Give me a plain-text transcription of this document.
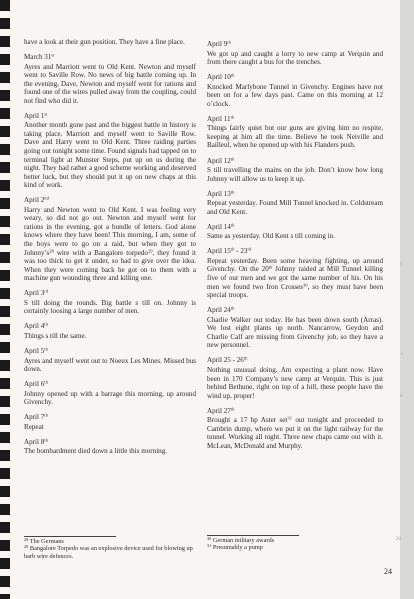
have a look at their gun position. They have a fine place.
March 31st
Ayres and Marriott went to Old Kent. Newton and myself went to Saville Row. No news of big battle coming up. In the evening, Dave, Newton and myself went for rations and found one of the wires pulled away from the coupling, could not find who did it.
April 1st
Another month gone past and the biggest battle in history is taking place. Marriott and myself went to Saville Row. Dave and Harry went to Old Kent. Three raiding parties going out tonight some time. Found signals had tapped on to terminal light at Munster Steps, put up on us during the night. They had rather a good scheme working and deserved better luck, but they should put it up on new chaps at this kind of work.
April 2nd
Harry and Newton went to Old Kent. I was feeling very weary, so did not go out. Newton and myself went for rations in the evening, got a bundle of letters. God alone knows where they have been! This morning, I am, some of the boys were to go on a raid, but when they got to $Johnny’s^{28}$ wire with a Bangalore torpedo$^{29}$, they found it was too thick to get it under, so had to give over the idea. When they were coming back he got on to them with a machine gun wounding three and killing one.
April 3rd
S till doing the rounds. Big battle s till on. Johnny is certainly loosing a large number of men.
April 4th
Things s till the same.
April 5th
Ayres and myself went out to Noeux Les Mines. Missed bus down.
April 6th
Johnny opened up with a barrage this morning, up around Givenchy.
April 7th
Repeat
April 8th
The bombardment died down a little this morning.
$^{28}$ The Germans
$^{29}$ Bangalore Torpedo was an explosive device used for blowing up barb wire defences.
April 9th
We got up and caught a lorry to new camp at Verquin and from there caught a bus for the trenches.
April 10th
Knocked Marlybone Tunnel in Givenchy. Engines have not been on for a few days past. Came on this morning at 12 o’clock.
April 11th
Things fairly quiet but our guns are giving him no respite, keeping at him all the time. Believe he took Neiville and Bailleul, when he opened up with his Flanders push.
April 12th
S till travelling the mains on the job. Don’t know how long Johnny will allow us to keep it up.
April 13th
Repeat yesterday. Found Mill Tunnel knocked in. Coldstream and Old Kent.
April 14th
Same as yesterday. Old Kent s till coming in.
April 15th - 23rd
Repeat yesterday. Been some heaving fighting, up around Givenchy. On the 20th Johnny raided at Mill Tunnel killing five of our men and we got the same number of his. On his men we found two Iron Crosses$^{30}$, so they must have been special troops.
April 24th
Charlie Walker out today. He has been down south (Arras). We lost eight plants up north. Nancarrow, Geydon and Charlie Calf are missing from Givenchy job, so they have a new personnel.
April 25 - 26th
Nothing unusual doing. Am expecting a plant now. Have been in 170 Company’s new camp at Verquin. This is just behind Bethune, right on top of a hill, these people have the wind up, proper!
April 27th
Brought a 17 hp Aster set$^{31}$ out tonight and proceeded to Cambrin dump, where we put it on the light railway for the tunnel. Working all night. Three new chaps came out with it. McLean, McDonald and Murphy.
$^{30}$ German military awards
$^{31}$ Presumably a pump
24
y
r
n
20
